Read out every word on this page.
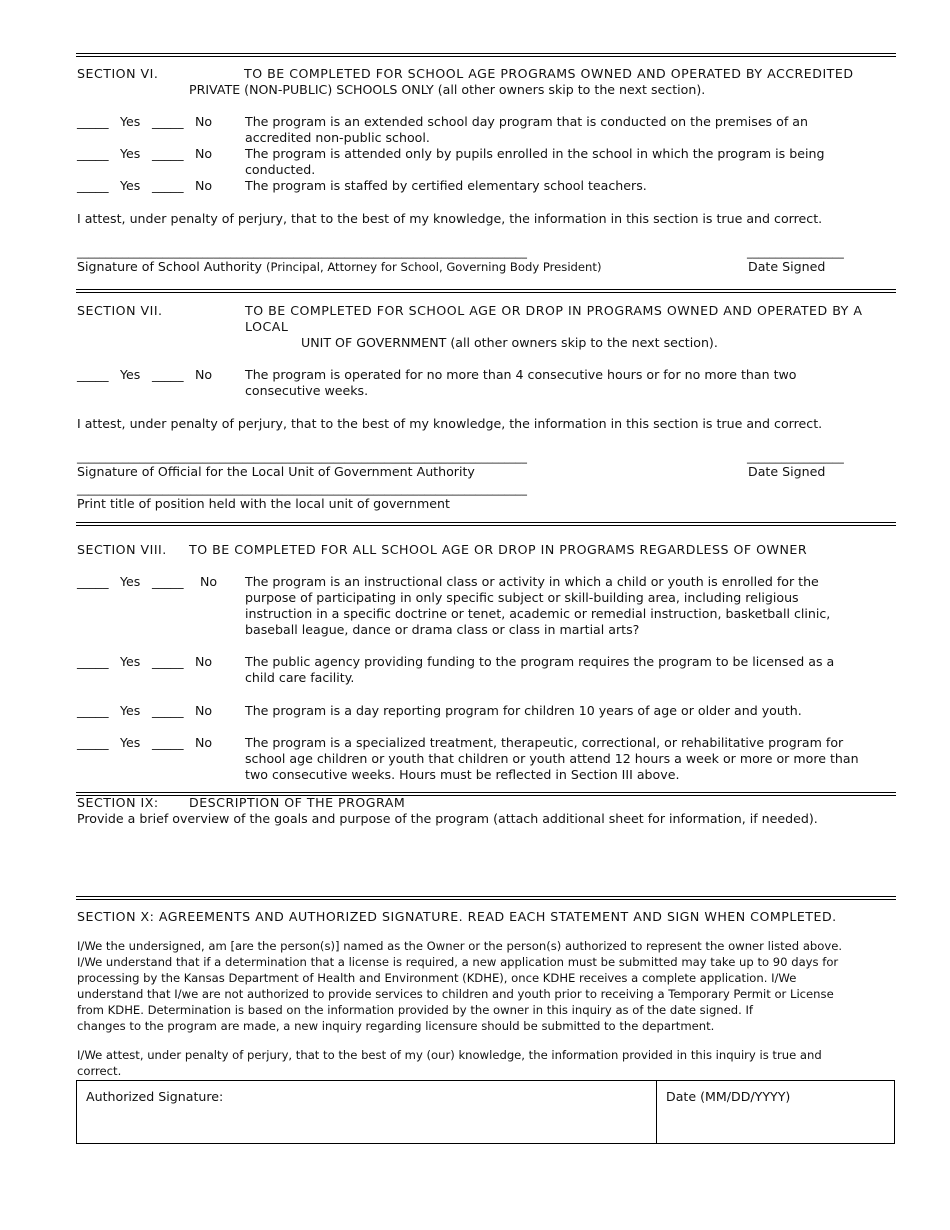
SECTION VI.	TO BE COMPLETED FOR SCHOOL AGE PROGRAMS OWNED AND OPERATED BY ACCREDITED
PRIVATE (NON-PUBLIC) SCHOOLS ONLY (all other owners skip to the next section).
_____ Yes _____ No	The program is an extended school day program that is conducted on the premises of an
accredited non-public school.
_____ Yes _____ No	The program is attended only by pupils enrolled in the school in which the program is being
conducted.
_____ Yes _____ No	The program is staffed by certified elementary school teachers.
I attest, under penalty of perjury, that to the best of my knowledge, the information in this section is true and correct.
_______________________________________________________________________________	_________________
Signature of School Authority (Principal, Attorney for School, Governing Body President)	Date Signed
SECTION VII.	TO BE COMPLETED FOR SCHOOL AGE OR DROP IN PROGRAMS OWNED AND OPERATED BY A
LOCAL
UNIT OF GOVERNMENT (all other owners skip to the next section).
_____ Yes _____ No	The program is operated for no more than 4 consecutive hours or for no more than two
consecutive weeks.
I attest, under penalty of perjury, that to the best of my knowledge, the information in this section is true and correct.
_______________________________________________________________________________	_________________
Signature of Official for the Local Unit of Government Authority	Date Signed
_______________________________________________________________________________
Print title of position held with the local unit of government
SECTION VIII. TO BE COMPLETED FOR ALL SCHOOL AGE OR DROP IN PROGRAMS REGARDLESS OF OWNER
_____ Yes _____ No The program is an instructional class or activity in which a child or youth is enrolled for the
purpose of participating in only specific subject or skill-building area, including religious
instruction in a specific doctrine or tenet, academic or remedial instruction, basketball clinic,
baseball league, dance or drama class or class in martial arts?
_____ Yes _____ No	The public agency providing funding to the program requires the program to be licensed as a
child care facility.
_____ Yes _____ No	The program is a day reporting program for children 10 years of age or older and youth.
_____ Yes _____ No	The program is a specialized treatment, therapeutic, correctional, or rehabilitative program for
school age children or youth that children or youth attend 12 hours a week or more or more than
two consecutive weeks. Hours must be reflected in Section III above.
SECTION IX: DESCRIPTION OF THE PROGRAM
Provide a brief overview of the goals and purpose of the program (attach additional sheet for information, if needed).
SECTION X: AGREEMENTS AND AUTHORIZED SIGNATURE. READ EACH STATEMENT AND SIGN WHEN COMPLETED.
I/We the undersigned, am [are the person(s)] named as the Owner or the person(s) authorized to represent the owner listed above.
I/We understand that if a determination that a license is required, a new application must be submitted may take up to 90 days for
processing by the Kansas Department of Health and Environment (KDHE), once KDHE receives a complete application. I/We
understand that I/we are not authorized to provide services to children and youth prior to receiving a Temporary Permit or License
from KDHE. Determination is based on the information provided by the owner in this inquiry as of the date signed. If
changes to the program are made, a new inquiry regarding licensure should be submitted to the department.
I/We attest, under penalty of perjury, that to the best of my (our) knowledge, the information provided in this inquiry is true and
correct.
Authorized Signature:	Date (MM/DD/YYYY)
